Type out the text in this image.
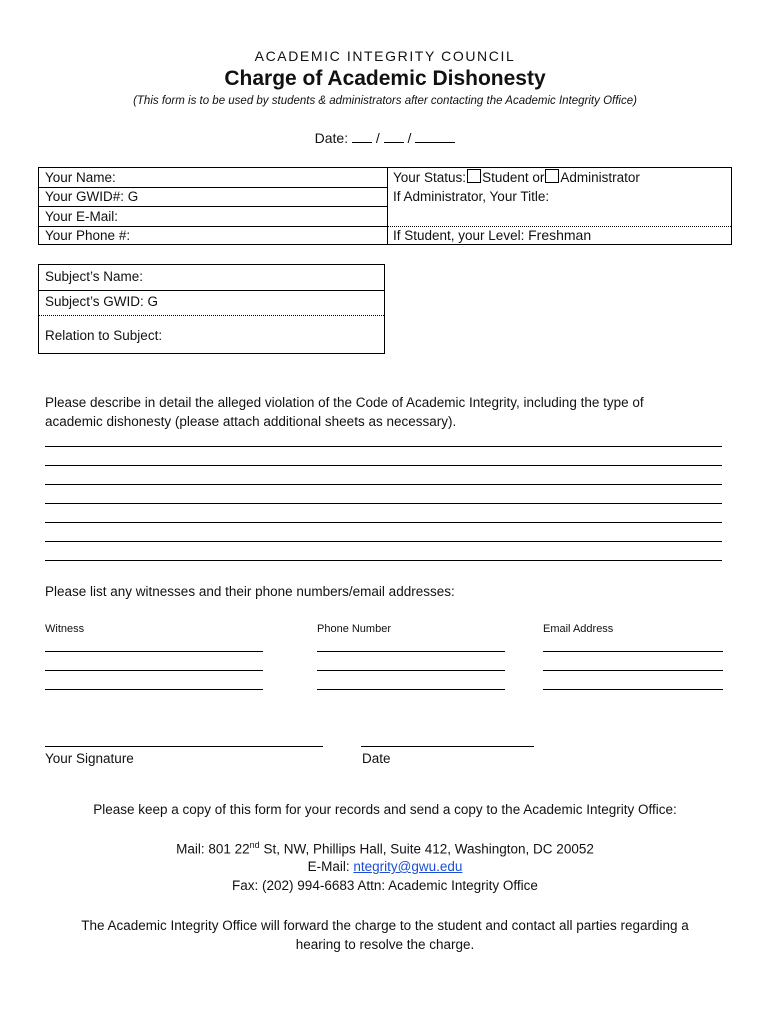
ACADEMIC INTEGRITY COUNCIL
Charge of Academic Dishonesty
(This form is to be used by students & administrators after contacting the Academic Integrity Office)
Date:  /  /
Your Name:
Your GWID#: G
Your E-Mail:
Your Phone #:
Your Status: Student or Administrator
If Administrator, Your Title:
If Student, your Level: Freshman
Subject’s Name:
Subject’s GWID: G
Relation to Subject:
Please describe in detail the alleged violation of the Code of Academic Integrity, including the type of academic dishonesty (please attach additional sheets as necessary).
Please list any witnesses and their phone numbers/email addresses:
Witness	Phone Number	Email Address
Your Signature	Date
Please keep a copy of this form for your records and send a copy to the Academic Integrity Office:
Mail: 801 22nd St, NW, Phillips Hall, Suite 412, Washington, DC 20052
E-Mail: ntegrity@gwu.edu
Fax: (202) 994-6683 Attn: Academic Integrity Office
The Academic Integrity Office will forward the charge to the student and contact all parties regarding a hearing to resolve the charge.
